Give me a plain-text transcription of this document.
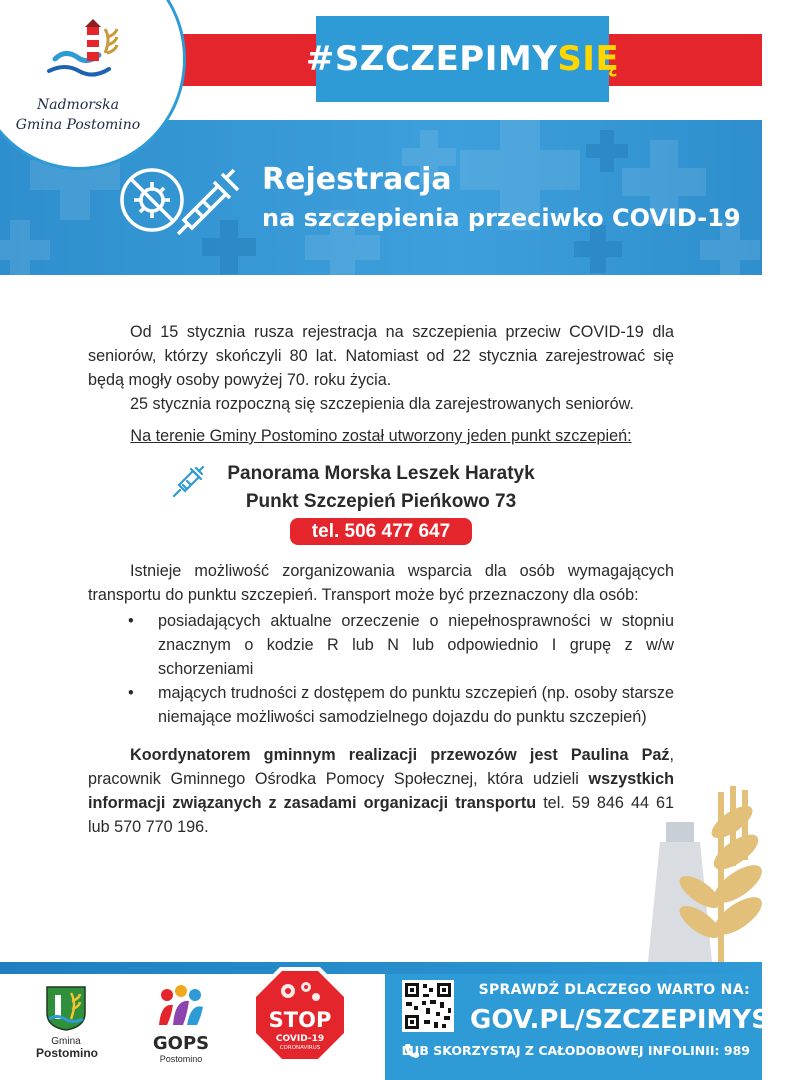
#SZCZEPIMYSIĘ
Rejestracja
na szczepienia przeciwko COVID-19
Nadmorska
Gmina Postomino

Od 15 stycznia rusza rejestracja na szczepienia przeciw COVID-19 dla seniorów, którzy skończyli 80 lat. Natomiast od 22 stycznia zarejestrować się będą mogły osoby powyżej 70. roku życia.

25 stycznia rozpoczną się szczepienia dla zarejestrowanych seniorów.

Na terenie Gminy Postomino został utworzony jeden punkt szczepień:

Panorama Morska Leszek Haratyk
Punkt Szczepień Pieńkowo 73
tel. 506 477 647

Istnieje możliwość zorganizowania wsparcia dla osób wymagających transportu do punktu szczepień. Transport może być przeznaczony dla osób:

• posiadających aktualne orzeczenie o niepełnosprawności w stopniu znacznym o kodzie R lub N lub odpowiednio I grupę z w/w schorzeniami
• mających trudności z dostępem do punktu szczepień (np. osoby starsze niemające możliwości samodzielnego dojazdu do punktu szczepień)

Koordynatorem gminnym realizacji przewozów jest Paulina Paź, pracownik Gminnego Ośrodka Pomocy Społecznej, która udzieli wszystkich informacji związanych z zasadami organizacji transportu tel. 59 846 44 61 lub 570 770 196.

Gmina
Postomino	GOPS
Postomino
STOP
COVID-19
CORONAVIRUS
SPRAWDŹ DLACZEGO WARTO NA:
GOV.PL/SZCZEPIMYSIE
LUB SKORZYSTAJ Z CAŁODOBOWEJ INFOLINII: 989
